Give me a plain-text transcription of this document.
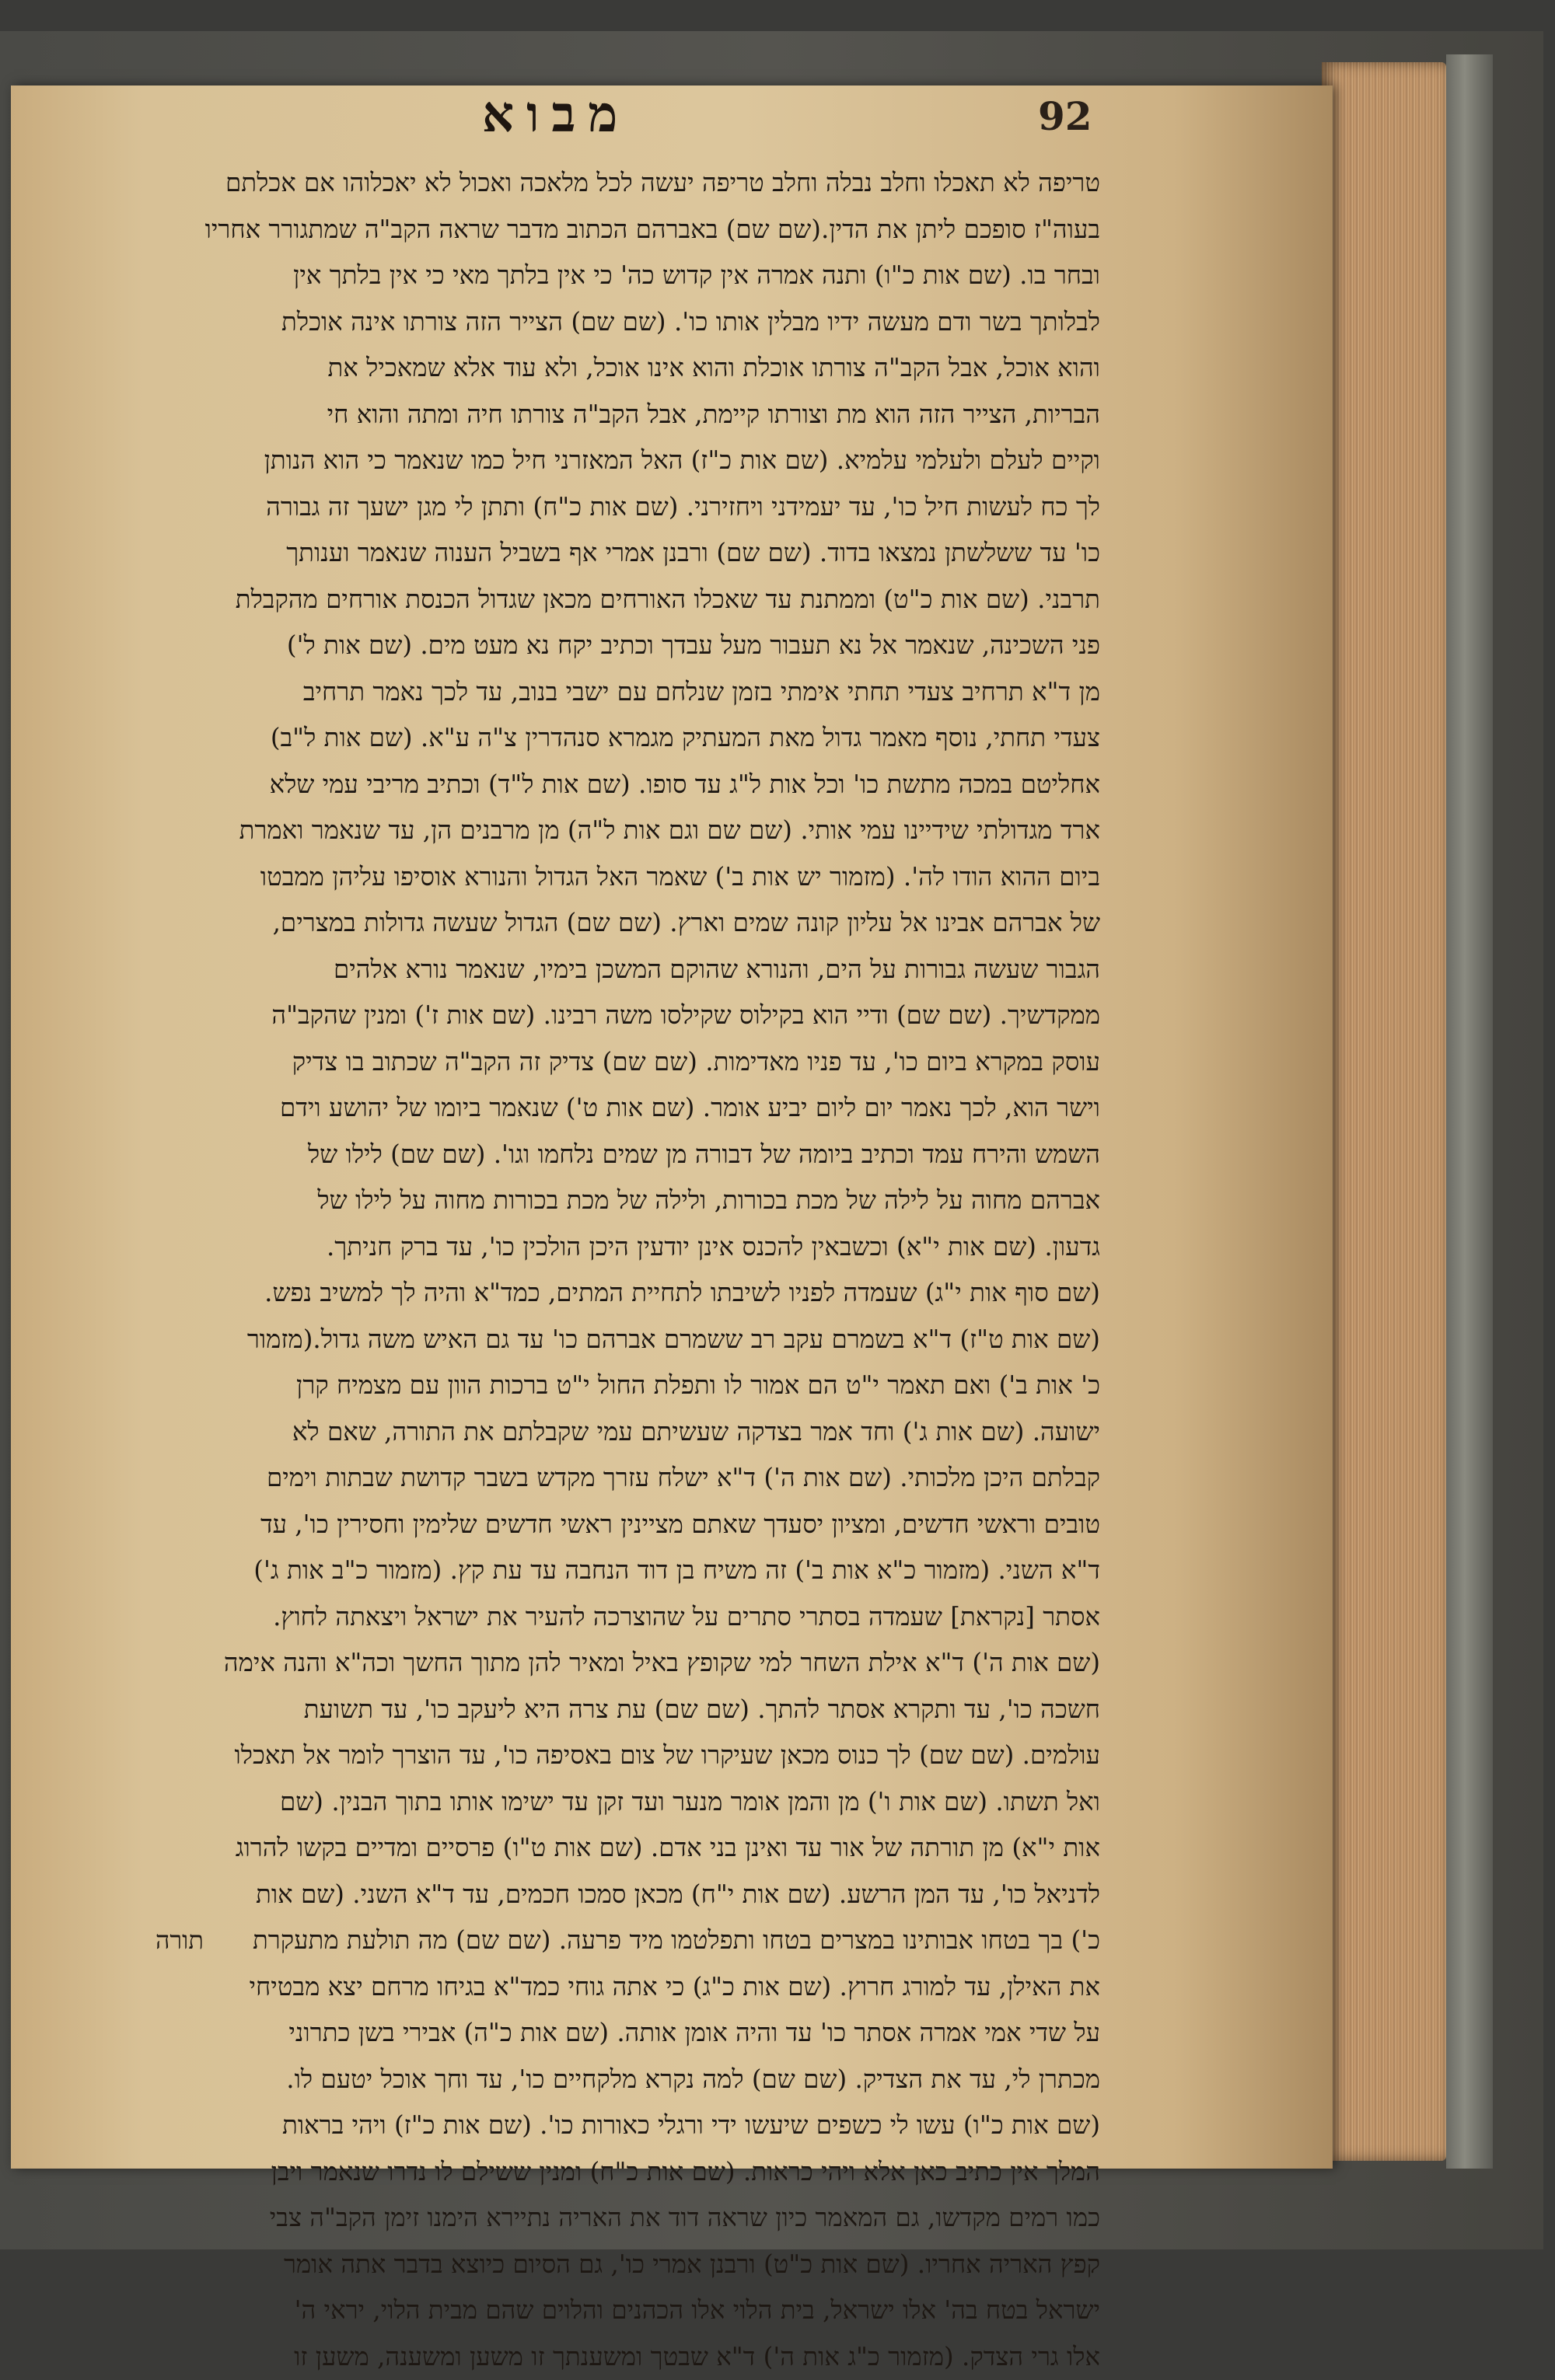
מבוא	92
טריפה לא תאכלו וחלב נבלה וחלב טריפה יעשה לכל מלאכה ואכול לא יאכלוהו אם אכלתם
בעוה"ז סופכם ליתן את הדין.(שם שם) באברהם הכתוב מדבר שראה הקב"ה שמתגורר אחריו
ובחר בו. (שם אות כ"ו) ותנה אמרה אין קדוש כה' כי אין בלתך מאי כי אין בלתך אין
לבלותך בשר ודם מעשה ידיו מבלין אותו כו'. (שם שם) הצייר הזה צורתו אינה אוכלת
והוא אוכל, אבל הקב"ה צורתו אוכלת והוא אינו אוכל, ולא עוד אלא שמאכיל את
הבריות, הצייר הזה הוא מת וצורתו קיימת, אבל הקב"ה צורתו חיה ומתה והוא חי
וקיים לעלם ולעלמי עלמיא. (שם אות כ"ז) האל המאזרני חיל כמו שנאמר כי הוא הנותן
לך כח לעשות חיל כו', עד יעמידני ויחזירני. (שם אות כ"ח) ותתן לי מגן ישעך זה גבורה
כו' עד ששלשתן נמצאו בדוד. (שם שם) ורבנן אמרי אף בשביל הענוה שנאמר וענותך
תרבני. (שם אות כ"ט) וממתנת עד שאכלו האורחים מכאן שגדול הכנסת אורחים מהקבלת
פני השכינה, שנאמר אל נא תעבור מעל עבדך וכתיב יקח נא מעט מים. (שם אות ל')
מן ד"א תרחיב צעדי תחתי אימתי בזמן שנלחם עם ישבי בנוב, עד לכך נאמר תרחיב
צעדי תחתי, נוסף מאמר גדול מאת המעתיק מגמרא סנהדרין צ"ה ע"א. (שם אות ל"ב)
אחליטם במכה מתשת כו' וכל אות ל"ג עד סופו. (שם אות ל"ד) וכתיב מריבי עמי שלא
ארד מגדולתי שידיינו עמי אותי. (שם שם וגם אות ל"ה) מן מרבנים הן, עד שנאמר ואמרת
ביום ההוא הודו לה'. (מזמור יש אות ב') שאמר האל הגדול והנורא אוסיפו עליהן ממבטו
של אברהם אבינו אל עליון קונה שמים וארץ. (שם שם) הגדול שעשה גדולות במצרים,
הגבור שעשה גבורות על הים, והנורא שהוקם המשכן בימיו, שנאמר נורא אלהים
ממקדשיך. (שם שם) ודיי הוא בקילוס שקילסו משה רבינו. (שם אות ז') ומנין שהקב"ה
עוסק במקרא ביום כו', עד פניו מאדימות. (שם שם) צדיק זה הקב"ה שכתוב בו צדיק
וישר הוא, לכך נאמר יום ליום יביע אומר. (שם אות ט') שנאמר ביומו של יהושע וידם
השמש והירח עמד וכתיב ביומה של דבורה מן שמים נלחמו וגו'. (שם שם) לילו של
אברהם מחוה על לילה של מכת בכורות, ולילה של מכת בכורות מחוה על לילו של
גדעון. (שם אות י"א) וכשבאין להכנס אינן יודעין היכן הולכין כו', עד ברק חניתך.
(שם סוף אות י"ג) שעמדה לפניו לשיבתו לתחיית המתים, כמד"א והיה לך למשיב נפש.
(שם אות ט"ז) ד"א בשמרם עקב רב ששמרם אברהם כו' עד גם האיש משה גדול.(מזמור
כ' אות ב') ואם תאמר י"ט הם אמור לו ותפלת החול י"ט ברכות הוון עם מצמיח קרן
ישועה. (שם אות ג') וחד אמר בצדקה שעשיתם עמי שקבלתם את התורה, שאם לא
קבלתם היכן מלכותי. (שם אות ה') ד"א ישלח עזרך מקדש בשבר קדושת שבתות וימים
טובים וראשי חדשים, ומציון יסעדך שאתם מציינין ראשי חדשים שלימין וחסירין כו', עד
ד"א השני. (מזמור כ"א אות ב') זה משיח בן דוד הנחבה עד עת קץ. (מזמור כ"ב אות ג')
אסתר [נקראת] שעמדה בסתרי סתרים על שהוצרכה להעיר את ישראל ויצאתה לחוץ.
(שם אות ה') ד"א אילת השחר למי שקופץ באיל ומאיר להן מתוך החשך וכה"א והנה אימה
חשכה כו', עד ותקרא אסתר להתך. (שם שם) עת צרה היא ליעקב כו', עד תשועת
עולמים. (שם שם) לך כנוס מכאן שעיקרו של צום באסיפה כו', עד הוצרך לומר אל תאכלו
ואל תשתו. (שם אות ו') מן והמן אומר מנער ועד זקן עד ישימו אותו בתוך הבנין. (שם
אות י"א) מן תורתה של אור עד ואינן בני אדם. (שם אות ט"ו) פרסיים ומדיים בקשו להרוג
לדניאל כו', עד המן הרשע. (שם אות י"ח) מכאן סמכו חכמים, עד ד"א השני. (שם אות
כ') בך בטחו אבותינו במצרים בטחו ותפלטמו מיד פרעה. (שם שם) מה תולעת מתעקרת
את האילן, עד למורג חרוץ. (שם אות כ"ג) כי אתה גוחי כמד"א בגיחו מרחם יצא מבטיחי
על שדי אמי אמרה אסתר כו' עד והיה אומן אותה. (שם אות כ"ה) אבירי בשן כתרוני
מכתרן לי, עד את הצדיק. (שם שם) למה נקרא מלקחיים כו', עד וחך אוכל יטעם לו.
(שם אות כ"ו) עשו לי כשפים שיעשו ידי ורגלי כאורות כו'. (שם אות כ"ז) ויהי בראות
המלך אין כתיב כאן אלא ויהי כראות. (שם אות כ"ח) ומנין ששילם לו נדרו שנאמר ויבן
כמו רמים מקדשו, גם המאמר כיון שראה דוד את האריה נתיירא הימנו זימן הקב"ה צבי
קפץ האריה אחריו. (שם אות כ"ט) ורבנן אמרי כו', גם הסיום כיוצא בדבר אתה אומר
ישראל בטח בה' אלו ישראל, בית הלוי אלו הכהנים והלוים שהם מבית הלוי, יראי ה'
אלו גרי הצדק. (מזמור כ"ג אות ה') ד"א שבטך ומשענתך זו משען ומשענה, משען זו
תורה
